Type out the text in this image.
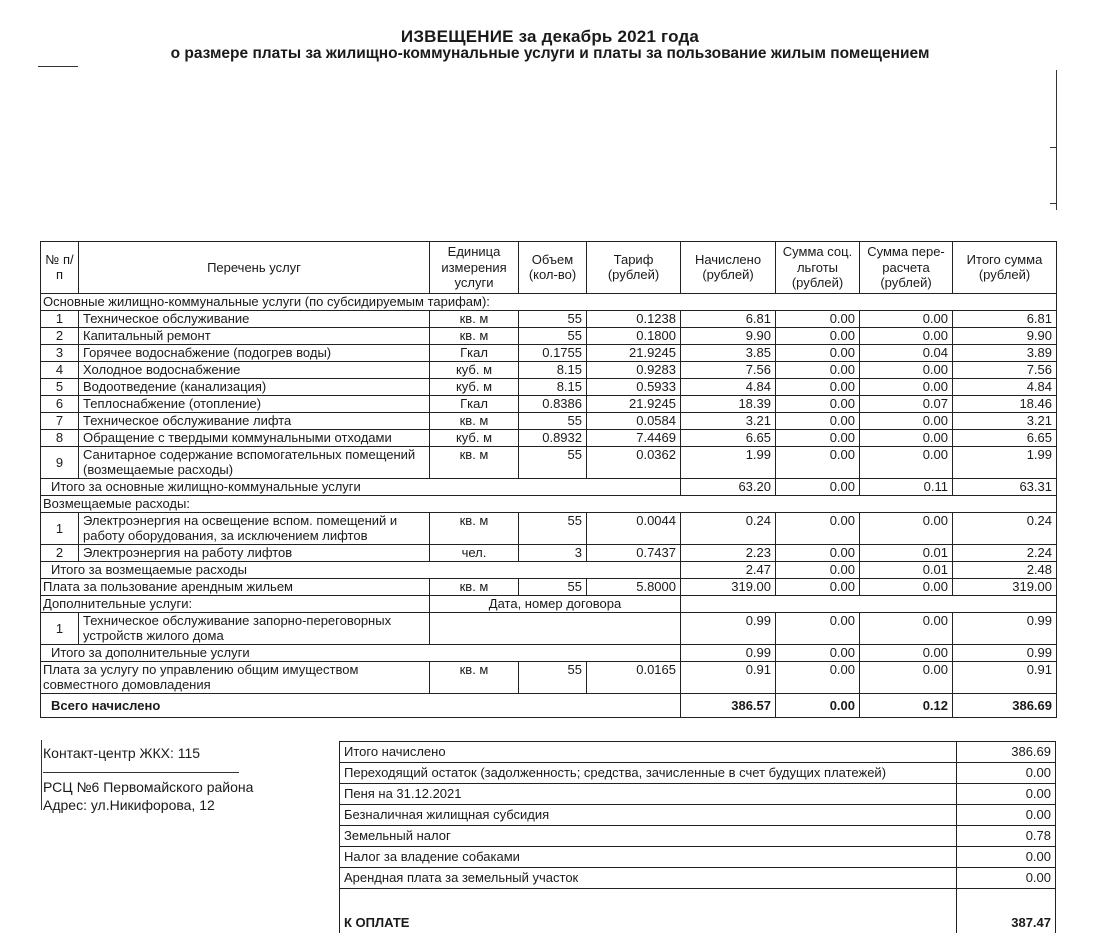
ИЗВЕЩЕНИЕ за декабрь 2021 года
о размере платы за жилищно-коммунальные услуги и платы за пользование жилым помещением
№ п/п	Перечень услуг	Единица измерения услуги	Объем (кол-во)	Тариф (рублей)	Начислено (рублей)	Сумма соц. льготы (рублей)	Сумма пере-расчета (рублей)	Итого сумма (рублей)
Основные жилищно-коммунальные услуги (по субсидируемым тарифам):								
1	Техническое обслуживание	кв. м	55	0.1238	6.81	0.00	0.00	6.81
2	Капитальный ремонт	кв. м	55	0.1800	9.90	0.00	0.00	9.90
3	Горячее водоснабжение (подогрев воды)	Гкал	0.1755	21.9245	3.85	0.00	0.04	3.89
4	Холодное водоснабжение	куб. м	8.15	0.9283	7.56	0.00	0.00	7.56
5	Водоотведение (канализация)	куб. м	8.15	0.5933	4.84	0.00	0.00	4.84
6	Теплоснабжение (отопление)	Гкал	0.8386	21.9245	18.39	0.00	0.07	18.46
7	Техническое обслуживание лифта	кв. м	55	0.0584	3.21	0.00	0.00	3.21
8	Обращение с твердыми коммунальными отходами	куб. м	0.8932	7.4469	6.65	0.00	0.00	6.65
9	Санитарное содержание вспомогательных помещений (возмещаемые расходы)	кв. м	55	0.0362	1.99	0.00	0.00	1.99
Итого за основные жилищно-коммунальные услуги					63.20	0.00	0.11	63.31
Возмещаемые расходы:								
1	Электроэнергия на освещение вспом. помещений и работу оборудования, за исключением лифтов	кв. м	55	0.0044	0.24	0.00	0.00	0.24
2	Электроэнергия на работу лифтов	чел.	3	0.7437	2.23	0.00	0.01	2.24
Итого за возмещаемые расходы					2.47	0.00	0.01	2.48
Плата за пользование арендным жильем		кв. м	55	5.8000	319.00	0.00	0.00	319.00
Дополнительные услуги:		Дата, номер договора						
1	Техническое обслуживание запорно-переговорных устройств жилого дома				0.99	0.00	0.00	0.99
Итого за дополнительные услуги					0.99	0.00	0.00	0.99
Плата за услугу по управлению общим имуществом совместного домовладения		кв. м	55	0.0165	0.91	0.00	0.00	0.91
Всего начислено					386.57	0.00	0.12	386.69
Контакт-центр ЖКХ: 115
РСЦ №6 Первомайского района
Адрес: ул.Никифорова, 12
Итого начислено	386.69
Переходящий остаток (задолженность; средства, зачисленные в счет будущих платежей)	0.00
Пеня на 31.12.2021	0.00
Безналичная жилищная субсидия	0.00
Земельный налог	0.78
Налог за владение собаками	0.00
Арендная плата за земельный участок	0.00
К ОПЛАТЕ	387.47
